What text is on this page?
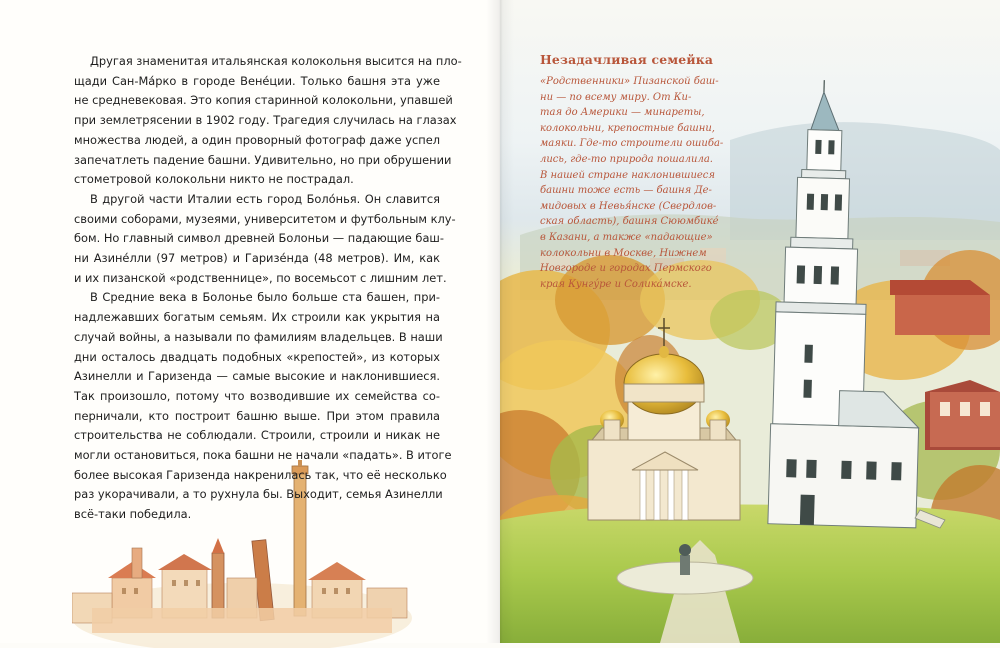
Другая знаменитая итальянская колокольня высится на пло-
щади Сан-Ма́рко в городе Вене́ции. Только башня эта уже
не средневековая. Это копия старинной колокольни, упавшей
при землетрясении в 1902 году. Трагедия случилась на глазах
множества людей, а один проворный фотограф даже успел
запечатлеть падение башни. Удивительно, но при обрушении
стометровой колокольни никто не пострадал.

В другой части Италии есть город Боло́нья. Он славится
своими соборами, музеями, университетом и футбольным клу-
бом. Но главный символ древней Болоньи — падающие баш-
ни Азине́лли (97 метров) и Гаризе́нда (48 метров). Им, как
и их пизанской «родственнице», по восемьсот с лишним лет.

В Средние века в Болонье было больше ста башен, при-
надлежавших богатым семьям. Их строили как укрытия на
случай войны, а называли по фамилиям владельцев. В наши
дни осталось двадцать подобных «крепостей», из которых
Азинелли и Гаризенда — самые высокие и наклонившиеся.
Так произошло, потому что возводившие их семейства со-
перничали, кто построит башню выше. При этом правила
строительства не соблюдали. Строили, строили и никак не
могли остановиться, пока башни не начали «падать». В итоге
более высокая Гаризенда накренилась так, что её несколько
раз укорачивали, а то рухнула бы. Выходит, семья Азинелли
всё-таки победила.

Незадачливая семейка
«Родственники» Пизанской баш-
ни — по всему миру. От Ки-
тая до Америки — минареты,
колокольни, крепостные башни,
маяки. Где-то строители ошиба-
лись, где-то природа пошалила.
В нашей стране наклонившиеся
башни тоже есть — башня Де-
мидовых в Невья́нске (Свердлов-
ская область), башня Сююмбике́
в Казани, а также «падающие»
колокольни в Москве, Нижнем
Новгороде и городах Пермского
края Кунгу́ре и Солика́мске.
